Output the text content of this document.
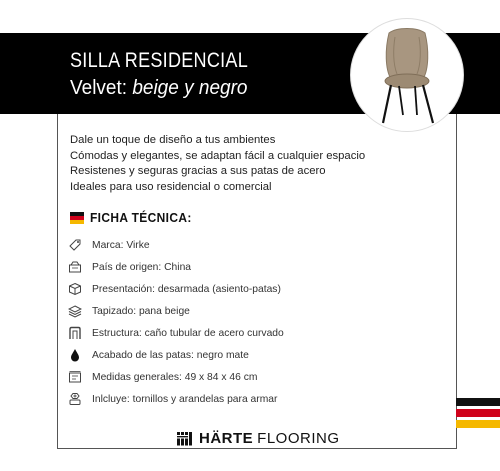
SILLA RESIDENCIAL
Velvet: beige y negro
Dale un toque de diseño a tus ambientes
Cómodas y elegantes, se adaptan fácil a cualquier espacio
Resistenes y seguras gracias a sus patas de acero
Ideales para uso residencial o comercial
FICHA TÉCNICA:
Marca: Virke
País de origen: China
Presentación: desarmada (asiento-patas)
Tapizado: pana beige
Estructura: caño tubular de acero curvado
Acabado de las patas: negro mate
Medidas generales: 49 x 84 x 46 cm
Inlcluye: tornillos y arandelas para armar
HÄRTE FLOORING
